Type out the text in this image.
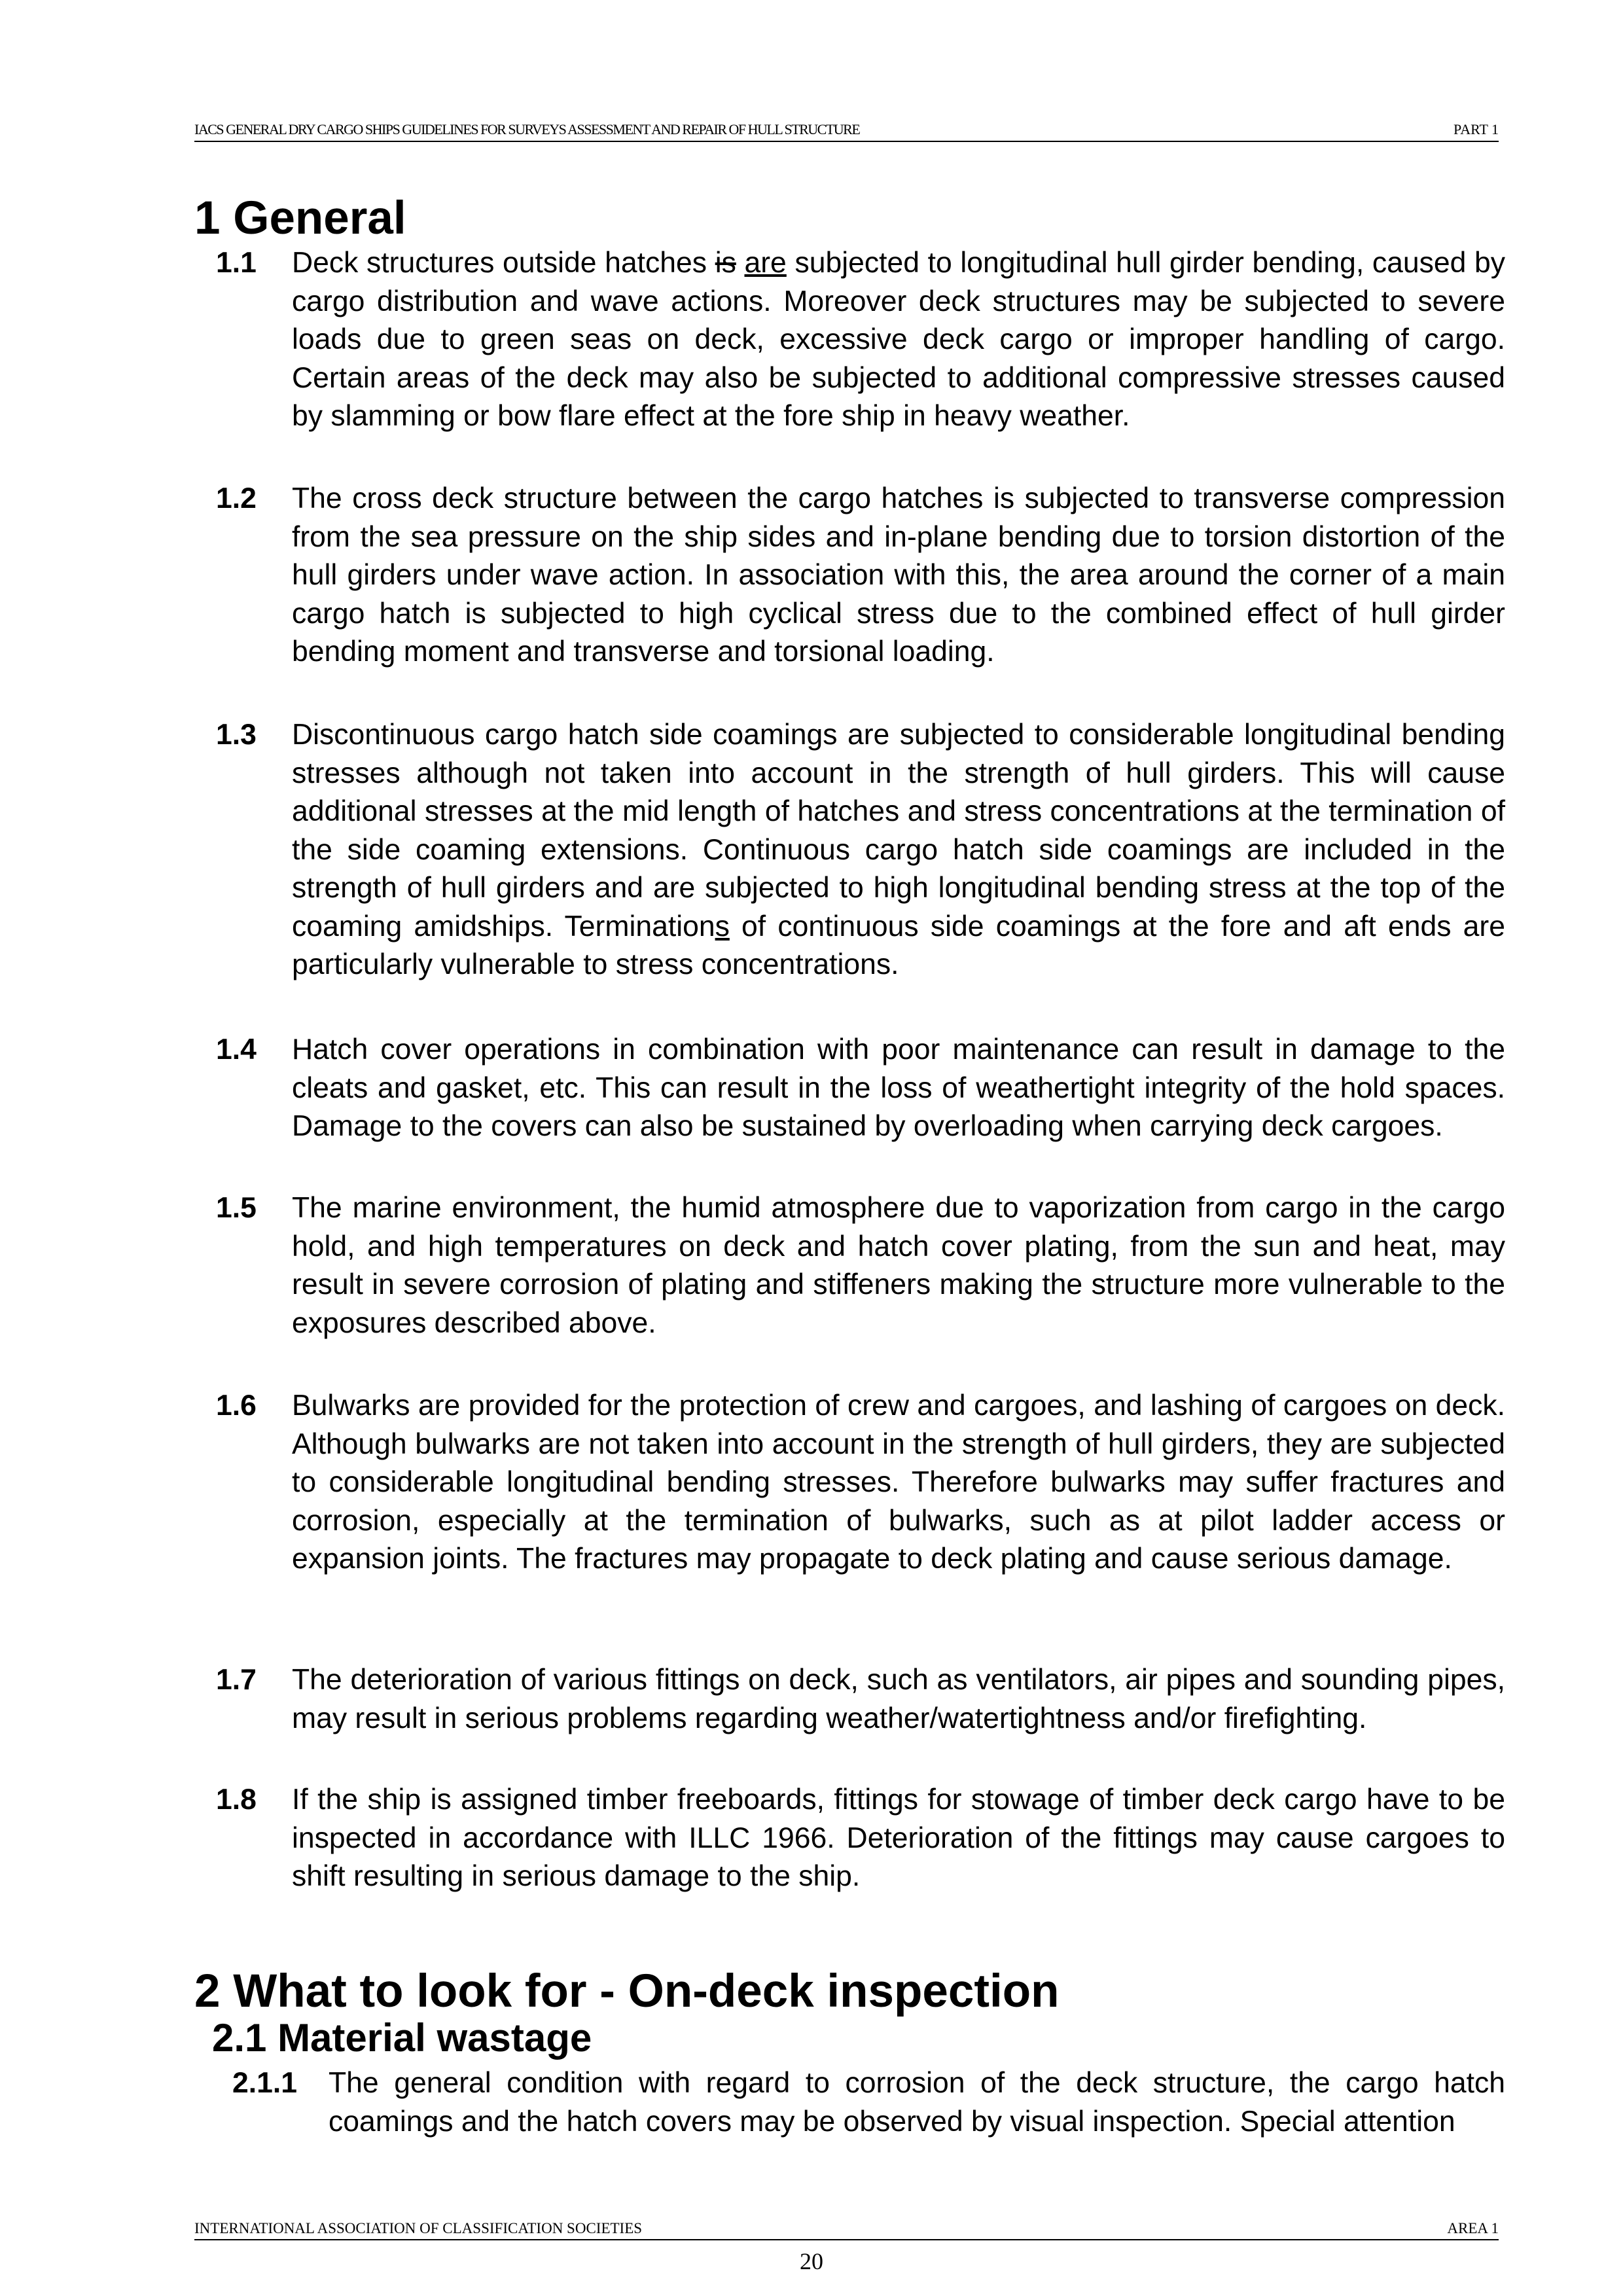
IACS GENERAL DRY CARGO SHIPS GUIDELINES FOR SURVEYS ASSESSMENT AND REPAIR OF HULL STRUCTURE	PART 1
1 General
1.1 Deck structures outside hatches is are subjected to longitudinal hull girder bending, caused by cargo distribution and wave actions. Moreover deck structures may be subjected to severe loads due to green seas on deck, excessive deck cargo or improper handling of cargo. Certain areas of the deck may also be subjected to additional compressive stresses caused by slamming or bow flare effect at the fore ship in heavy weather.
1.2 The cross deck structure between the cargo hatches is subjected to transverse compression from the sea pressure on the ship sides and in-plane bending due to torsion distortion of the hull girders under wave action. In association with this, the area around the corner of a main cargo hatch is subjected to high cyclical stress due to the combined effect of hull girder bending moment and transverse and torsional loading.
1.3 Discontinuous cargo hatch side coamings are subjected to considerable longitudinal bending stresses although not taken into account in the strength of hull girders. This will cause additional stresses at the mid length of hatches and stress concentrations at the termination of the side coaming extensions. Continuous cargo hatch side coamings are included in the strength of hull girders and are subjected to high longitudinal bending stress at the top of the coaming amidships. Terminations of continuous side coamings at the fore and aft ends are particularly vulnerable to stress concentrations.
1.4 Hatch cover operations in combination with poor maintenance can result in damage to the cleats and gasket, etc. This can result in the loss of weathertight integrity of the hold spaces. Damage to the covers can also be sustained by overloading when carrying deck cargoes.
1.5 The marine environment, the humid atmosphere due to vaporization from cargo in the cargo hold, and high temperatures on deck and hatch cover plating, from the sun and heat, may result in severe corrosion of plating and stiffeners making the structure more vulnerable to the exposures described above.
1.6 Bulwarks are provided for the protection of crew and cargoes, and lashing of cargoes on deck. Although bulwarks are not taken into account in the strength of hull girders, they are subjected to considerable longitudinal bending stresses. Therefore bulwarks may suffer fractures and corrosion, especially at the termination of bulwarks, such as at pilot ladder access or expansion joints. The fractures may propagate to deck plating and cause serious damage.
1.7 The deterioration of various fittings on deck, such as ventilators, air pipes and sounding pipes, may result in serious problems regarding weather/watertightness and/or firefighting.
1.8 If the ship is assigned timber freeboards, fittings for stowage of timber deck cargo have to be inspected in accordance with ILLC 1966. Deterioration of the fittings may cause cargoes to shift resulting in serious damage to the ship.
2 What to look for - On-deck inspection
2.1 Material wastage
2.1.1 The general condition with regard to corrosion of the deck structure, the cargo hatch coamings and the hatch covers may be observed by visual inspection. Special attention
INTERNATIONAL ASSOCIATION OF CLASSIFICATION SOCIETIES	AREA 1
20
